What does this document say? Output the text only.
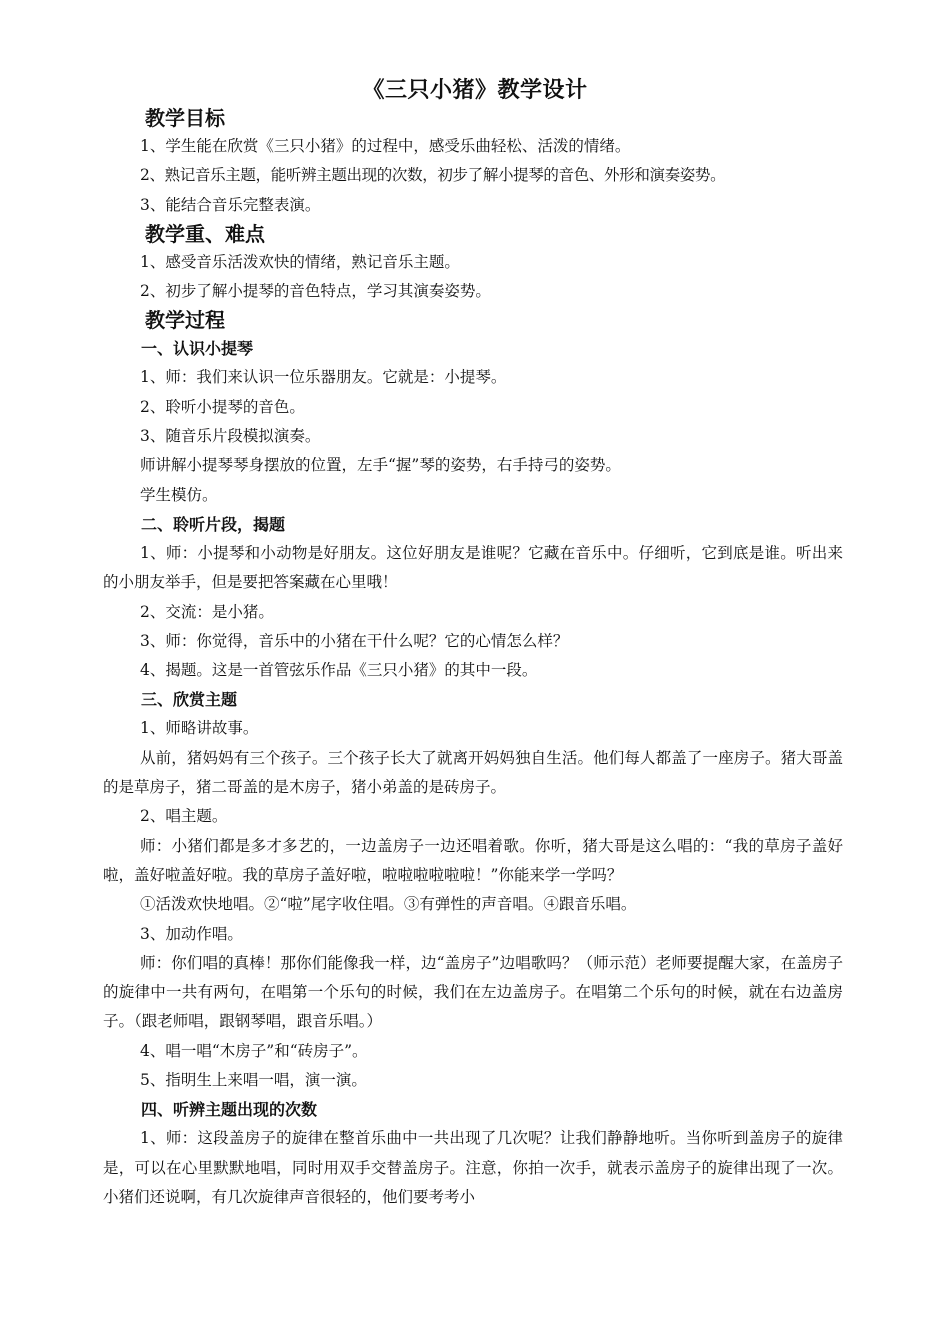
《三只小猪》教学设计
教学目标

1、学生能在欣赏《三只小猪》的过程中，感受乐曲轻松、活泼的情绪。

2、熟记音乐主题，能听辨主题出现的次数，初步了解小提琴的音色、外形和演奏姿势。

3、能结合音乐完整表演。

教学重、难点

1、感受音乐活泼欢快的情绪，熟记音乐主题。

2、初步了解小提琴的音色特点，学习其演奏姿势。

教学过程
一、认识小提琴

1、师：我们来认识一位乐器朋友。它就是：小提琴。

2、聆听小提琴的音色。

3、随音乐片段模拟演奏。

师讲解小提琴琴身摆放的位置，左手“握”琴的姿势，右手持弓的姿势。

学生模仿。

二、聆听片段，揭题

1、师：小提琴和小动物是好朋友。这位好朋友是谁呢？它藏在音乐中。仔细听，它到底是谁。听出来的小朋友举手，但是要把答案藏在心里哦！

2、交流：是小猪。

3、师：你觉得，音乐中的小猪在干什么呢？它的心情怎么样？

4、揭题。这是一首管弦乐作品《三只小猪》的其中一段。

三、欣赏主题

1、师略讲故事。

从前，猪妈妈有三个孩子。三个孩子长大了就离开妈妈独自生活。他们每人都盖了一座房子。猪大哥盖的是草房子，猪二哥盖的是木房子，猪小弟盖的是砖房子。

2、唱主题。

师：小猪们都是多才多艺的，一边盖房子一边还唱着歌。你听，猪大哥是这么唱的：“我的草房子盖好啦，盖好啦盖好啦。我的草房子盖好啦，啦啦啦啦啦啦！”你能来学一学吗？

①活泼欢快地唱。②“啦”尾字收住唱。③有弹性的声音唱。④跟音乐唱。

3、加动作唱。

师：你们唱的真棒！那你们能像我一样，边“盖房子”边唱歌吗？（师示范）老师要提醒大家，在盖房子的旋律中一共有两句，在唱第一个乐句的时候，我们在左边盖房子。在唱第二个乐句的时候，就在右边盖房子。（跟老师唱，跟钢琴唱，跟音乐唱。）

4、唱一唱“木房子”和“砖房子”。

5、指明生上来唱一唱，演一演。

四、听辨主题出现的次数

1、师：这段盖房子的旋律在整首乐曲中一共出现了几次呢？让我们静静地听。当你听到盖房子的旋律是，可以在心里默默地唱，同时用双手交替盖房子。注意，你拍一次手，就表示盖房子的旋律出现了一次。小猪们还说啊，有几次旋律声音很轻的，他们要考考小
